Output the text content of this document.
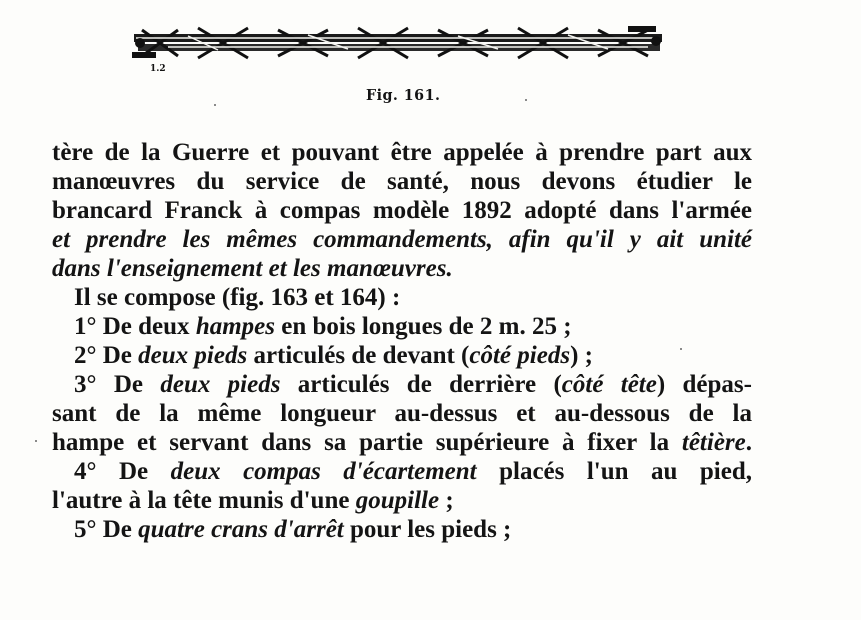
1.2
Fig. 161.
tère de la Guerre et pouvant être appelée à prendre part aux
manœuvres du service de santé, nous devons étudier le
brancard Franck à compas modèle 1892 adopté dans l'armée
et prendre les mêmes commandements, afin qu'il y ait unité
dans l'enseignement et les manœuvres.
Il se compose (fig. 163 et 164) :
1° De deux hampes en bois longues de 2 m. 25 ;
2° De deux pieds articulés de devant (côté pieds) ;
3° De deux pieds articulés de derrière (côté tête) dépas-
sant de la même longueur au-dessus et au-dessous de la
hampe et servant dans sa partie supérieure à fixer la têtière.
4° De deux compas d'écartement placés l'un au pied,
l'autre à la tête munis d'une goupille ;
5° De quatre crans d'arrêt pour les pieds ;
